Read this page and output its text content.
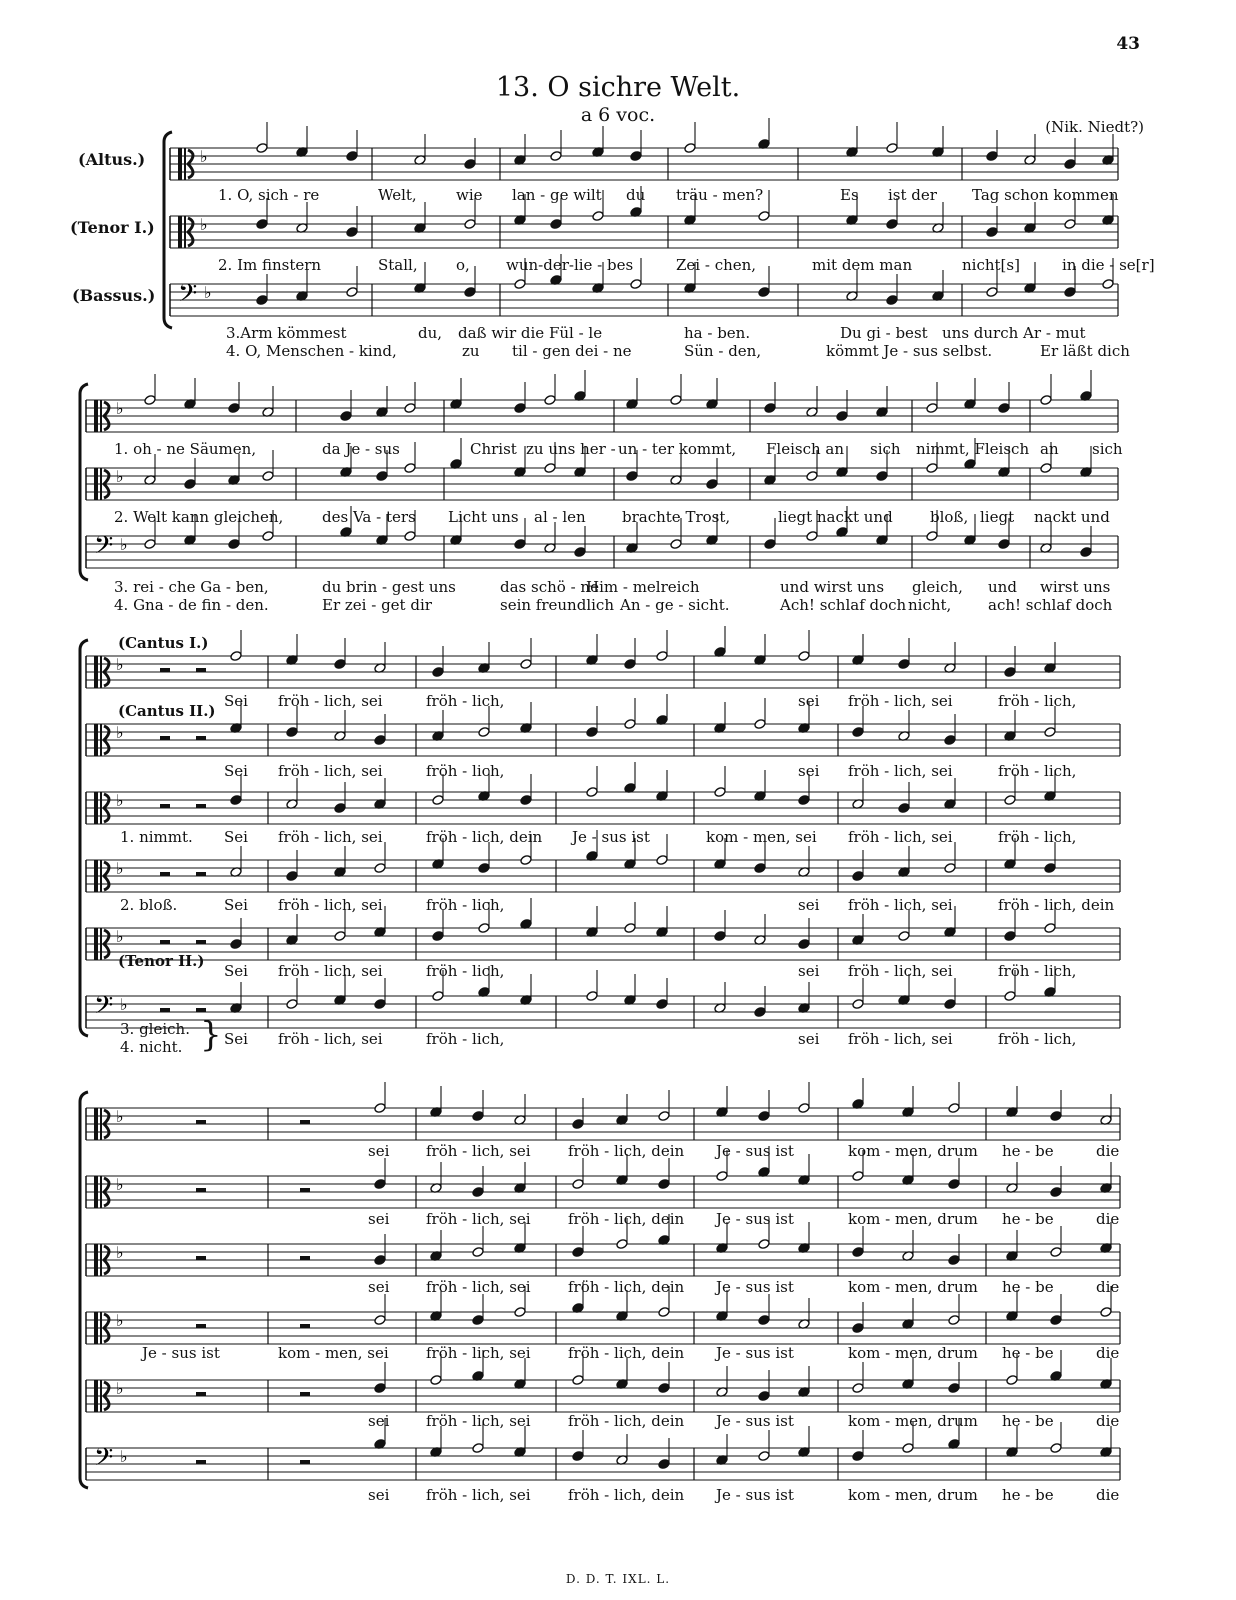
43
13. O sichre Welt.
a 6 voc.
(Nik. Niedt?)
(Altus.)
(Tenor I.)
(Bassus.)
(Cantus I.)
(Cantus II.)
(Tenor II.)
3. gleich.
4. nicht. }
♭
♭
𝄢 ♭
♭
♭
𝄢 ♭
♭
♭
♭
♭
♭
𝄢 ♭
♭
♭
♭
♭
♭
𝄢 ♭
1. O, sich - re	Welt,	wie lan - ge wilt du träu - men?	Es ist der Tag schon kommen
2. Im finstern	Stall,	o, wun-der-lie - bes	Zei - chen,	mit dem man	nicht[s]	in die - se[r]
3.Arm kömmest	du, daß wir die Fül - le	ha - ben.	Du gi - best uns durch Ar - mut
4. O, Menschen - kind,	zu til - gen dei - ne	Sün - den,	kömmt Je - sus selbst.	Er läßt dich
1. oh - ne Säumen,	da Je - sus	Christ zu uns her - un - ter kommt, Fleisch an sich nimmt, Fleisch an sich
2. Welt kann gleichen,	des Va - ters Licht uns al - len brachte Trost,	liegt nackt und bloß, liegt nackt und
3. rei - che Ga - ben,	du brin - gest uns	das schö - ne
Him - melreich	und wirst uns gleich, und wirst uns
4. Gna - de fin - den.	Er zei - get dir	sein freundlich An - ge - sicht.	Ach! schlaf doch nicht, ach! schlaf doch
Sei fröh - lich, sei	fröh - lich,	sei fröh - lich, sei	fröh - lich,
Sei fröh - lich, sei	fröh - lich,	sei fröh - lich, sei	fröh - lich,
1. nimmt. Sei fröh - lich, sei	fröh - lich, dein Je - sus ist	kom - men, sei fröh - lich, sei	fröh - lich,
2. bloß.	Sei fröh - lich, sei	fröh - lich,	sei fröh - lich, sei	fröh - lich, dein
Sei fröh - lich, sei	fröh - lich,	sei fröh - lich, sei	fröh - lich,
Sei fröh - lich, sei	fröh - lich,	sei fröh - lich, sei	fröh - lich,
sei fröh - lich, sei fröh - lich, dein Je - sus ist	kom - men, drum he - be	die
sei fröh - lich, sei fröh - lich, dein Je - sus ist	kom - men, drum he - be	die
sei fröh - lich, sei fröh - lich, dein Je - sus ist	kom - men, drum he - be	die
Je - sus ist	kom - men, sei fröh - lich, sei fröh - lich, dein Je - sus ist	kom - men, drum he - be	die
sei fröh - lich, sei fröh - lich, dein Je - sus ist	kom - men, drum he - be	die
sei fröh - lich, sei fröh - lich, dein Je - sus ist	kom - men, drum he - be	die
D. D. T. IXL. L.
